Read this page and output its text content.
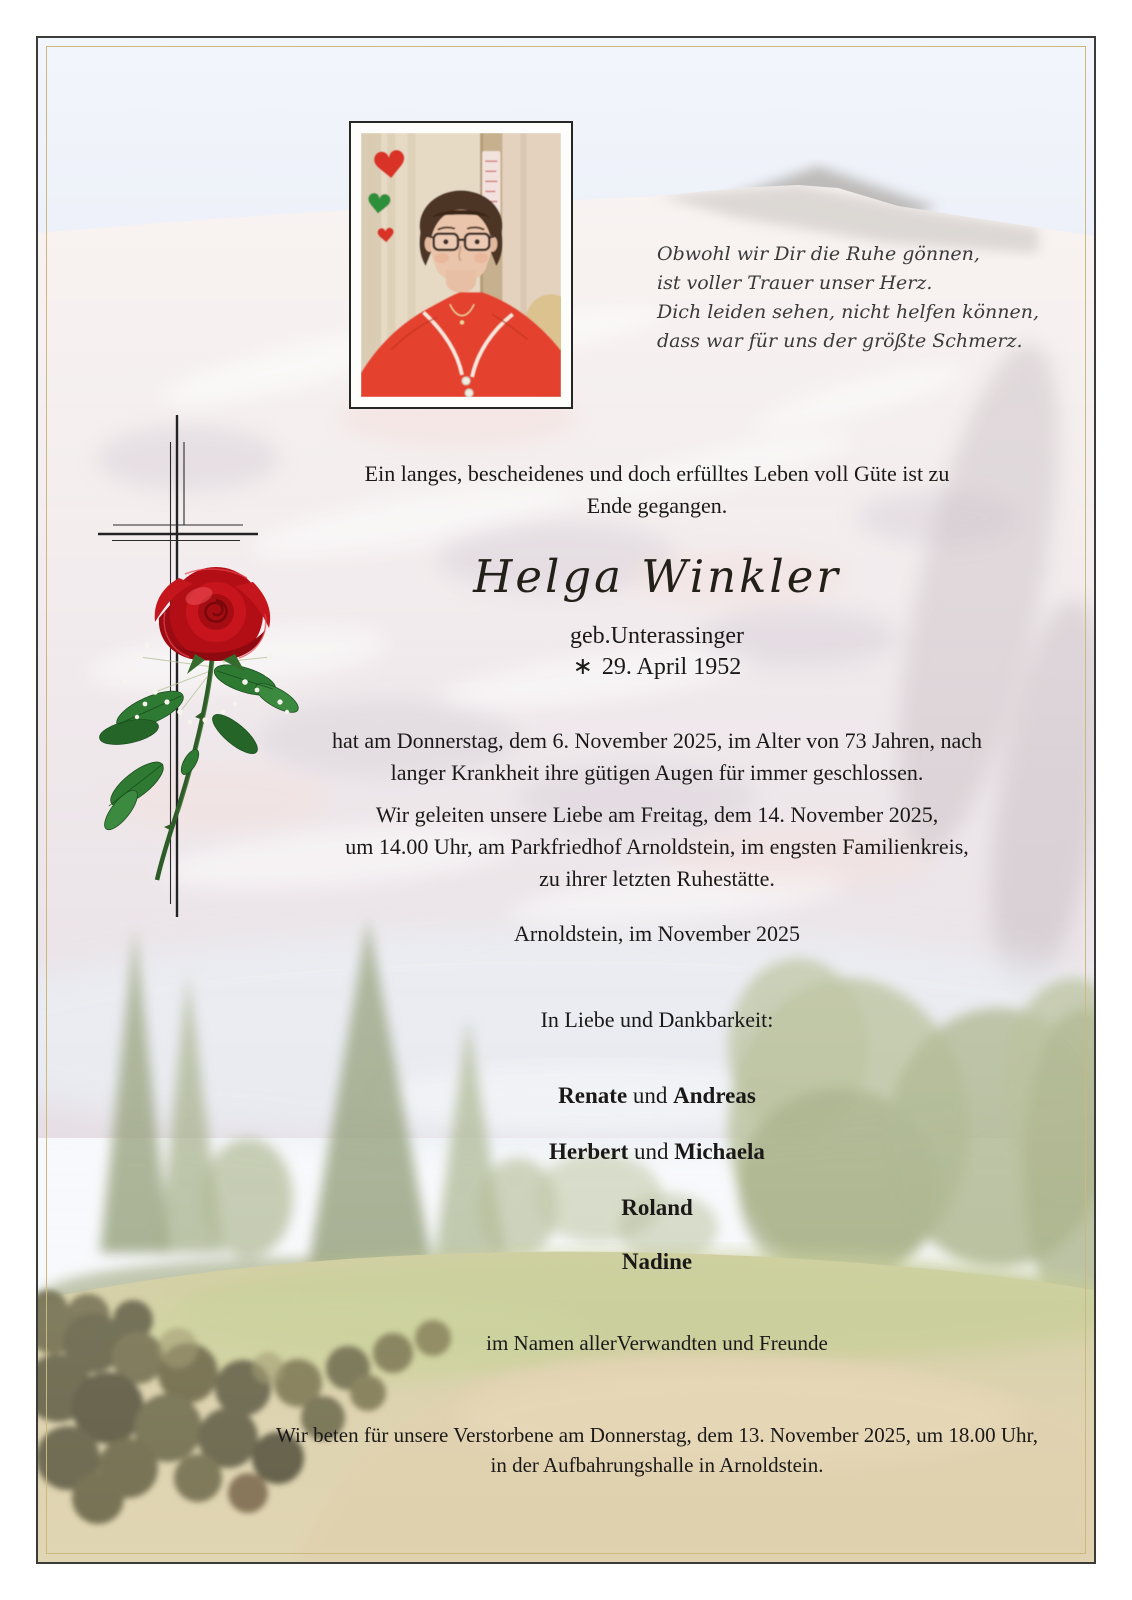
Obwohl wir Dir die Ruhe gönnen,
ist voller Trauer unser Herz.
Dich leiden sehen, nicht helfen können,
dass war für uns der größte Schmerz.
Ein langes, bescheidenes und doch erfülltes Leben voll Güte ist zu
Ende gegangen.
Helga Winkler
geb.Unterassinger
∗ 29. April 1952
hat am Donnerstag, dem 6. November 2025, im Alter von 73 Jahren, nach
langer Krankheit ihre gütigen Augen für immer geschlossen.
Wir geleiten unsere Liebe am Freitag, dem 14. November 2025,
um 14.00 Uhr, am Parkfriedhof Arnoldstein, im engsten Familienkreis,
zu ihrer letzten Ruhestätte.
Arnoldstein, im November 2025
In Liebe und Dankbarkeit:
Renate und Andreas
Herbert und Michaela
Roland
Nadine
im Namen allerVerwandten und Freunde
Wir beten für unsere Verstorbene am Donnerstag, dem 13. November 2025, um 18.00 Uhr,
in der Aufbahrungshalle in Arnoldstein.
